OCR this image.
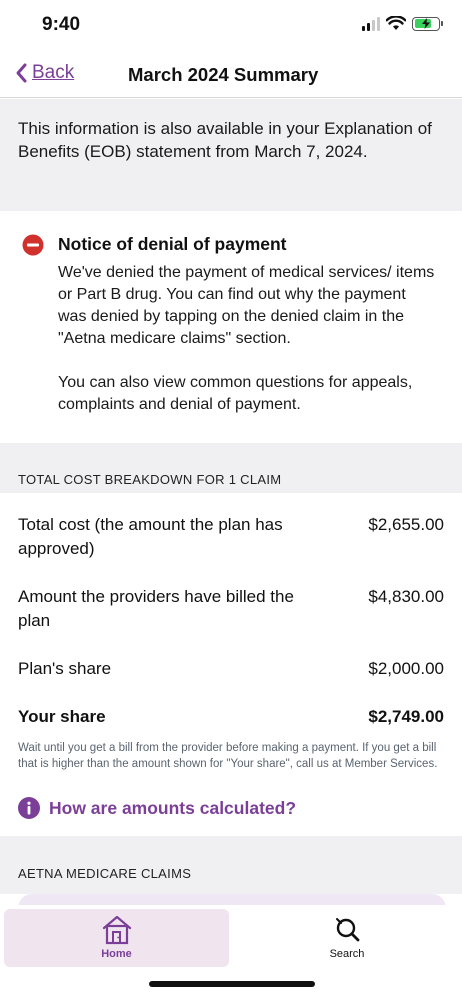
9:40
Back	March 2024 Summary
This information is also available in your Explanation of Benefits (EOB) statement from March 7, 2024.
Notice of denial of payment

We've denied the payment of medical services/ items or Part B drug. You can find out why the payment was denied by tapping on the denied claim in the "Aetna medicare claims" section.

You can also view common questions for appeals, complaints and denial of payment.

TOTAL COST BREAKDOWN FOR 1 CLAIM
Total cost (the amount the plan has approved)
$2,655.00
Amount the providers have billed the plan
$4,830.00
Plan's share	$2,000.00
Your share	$2,749.00
Wait until you get a bill from the provider before making a payment. If you get a bill that is higher than the amount shown for "Your share", call us at Member Services.
How are amounts calculated?
AETNA MEDICARE CLAIMS
Home	Search
